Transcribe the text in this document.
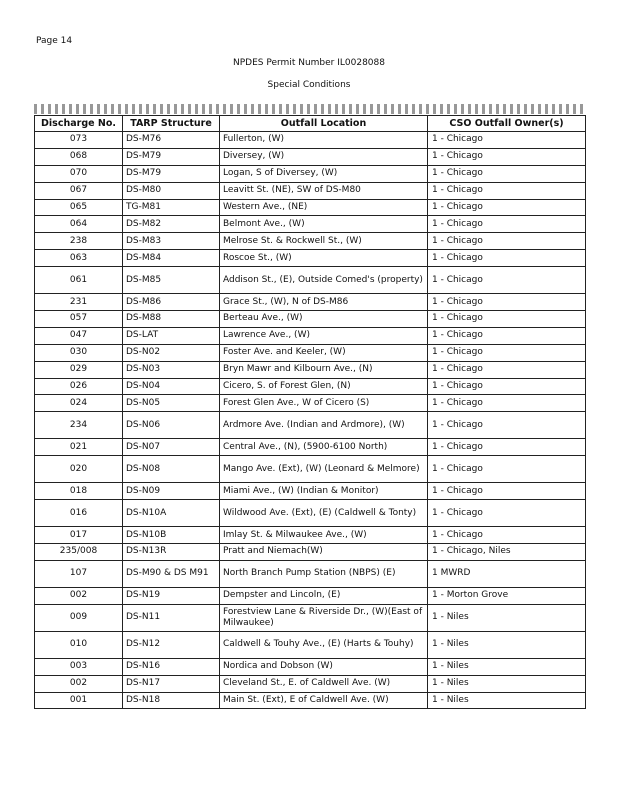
Page 14
NPDES Permit Number IL0028088
Special Conditions
Discharge No.	TARP Structure	Outfall Location	CSO Outfall Owner(s)
073	DS-M76	Fullerton, (W)	1 - Chicago
068	DS-M79	Diversey, (W)	1 - Chicago
070	DS-M79	Logan, S of Diversey, (W)	1 - Chicago
067	DS-M80	Leavitt St. (NE), SW of DS-M80	1 - Chicago
065	TG-M81	Western Ave., (NE)	1 - Chicago
064	DS-M82	Belmont Ave., (W)	1 - Chicago
238	DS-M83	Melrose St. & Rockwell St., (W)	1 - Chicago
063	DS-M84	Roscoe St., (W)	1 - Chicago
061	DS-M85	Addison St., (E), Outside Comed's (property)	1 - Chicago
231	DS-M86	Grace St., (W), N of DS-M86	1 - Chicago
057	DS-M88	Berteau Ave., (W)	1 - Chicago
047	DS-LAT	Lawrence Ave., (W)	1 - Chicago
030	DS-N02	Foster Ave. and Keeler, (W)	1 - Chicago
029	DS-N03	Bryn Mawr and Kilbourn Ave., (N)	1 - Chicago
026	DS-N04	Cicero, S. of Forest Glen, (N)	1 - Chicago
024	DS-N05	Forest Glen Ave., W of Cicero (S)	1 - Chicago
234	DS-N06	Ardmore Ave. (Indian and Ardmore), (W)	1 - Chicago
021	DS-N07	Central Ave., (N), (5900-6100 North)	1 - Chicago
020	DS-N08	Mango Ave. (Ext), (W) (Leonard & Melmore)	1 - Chicago
018	DS-N09	Miami Ave., (W) (Indian & Monitor)	1 - Chicago
016	DS-N10A	Wildwood Ave. (Ext), (E) (Caldwell & Tonty)	1 - Chicago
017	DS-N10B	Imlay St. & Milwaukee Ave., (W)	1 - Chicago
235/008	DS-N13R	Pratt and Niemach(W)	1 - Chicago, Niles
107	DS-M90 & DS M91	North Branch Pump Station (NBPS) (E)	1 MWRD
002	DS-N19	Dempster and Lincoln, (E)	1 - Morton Grove
009	DS-N11	Forestview Lane & Riverside Dr., (W)(East of Milwaukee)	1 - Niles
010	DS-N12	Caldwell & Touhy Ave., (E) (Harts & Touhy)	1 - Niles
003	DS-N16	Nordica and Dobson (W)	1 - Niles
002	DS-N17	Cleveland St., E. of Caldwell Ave. (W)	1 - Niles
001	DS-N18	Main St. (Ext), E of Caldwell Ave. (W)	1 - Niles
